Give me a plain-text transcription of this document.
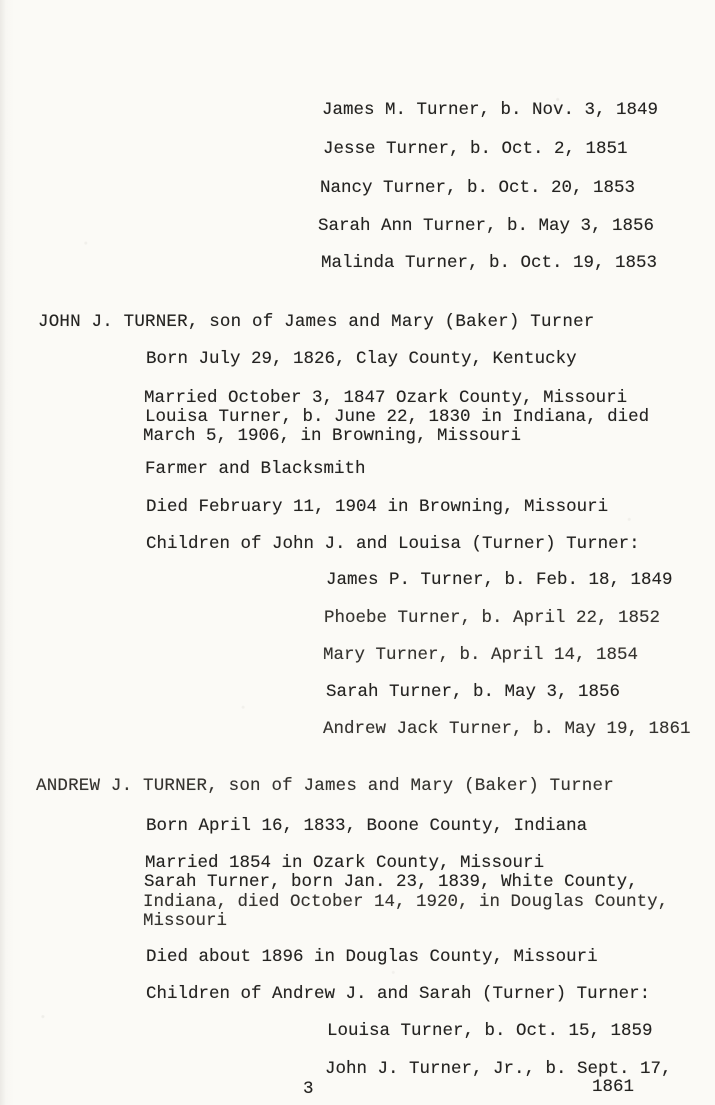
James M. Turner, b. Nov. 3, 1849
Jesse Turner, b. Oct. 2, 1851
Nancy Turner, b. Oct. 20, 1853
Sarah Ann Turner, b. May 3, 1856
Malinda Turner, b. Oct. 19, 1853
JOHN J. TURNER, son of James and Mary (Baker) Turner
Born July 29, 1826, Clay County, Kentucky
Married October 3, 1847 Ozark County, Missouri
Louisa Turner, b. June 22, 1830 in Indiana, died
March 5, 1906, in Browning, Missouri
Farmer and Blacksmith
Died February 11, 1904 in Browning, Missouri
Children of John J. and Louisa (Turner) Turner:
James P. Turner, b. Feb. 18, 1849
Phoebe Turner, b. April 22, 1852
Mary Turner, b. April 14, 1854
Sarah Turner, b. May 3, 1856
Andrew Jack Turner, b. May 19, 1861
ANDREW J. TURNER, son of James and Mary (Baker) Turner
Born April 16, 1833, Boone County, Indiana
Married 1854 in Ozark County, Missouri
Sarah Turner, born Jan. 23, 1839, White County,
Indiana, died October 14, 1920, in Douglas County,
Missouri
Died about 1896 in Douglas County, Missouri
Children of Andrew J. and Sarah (Turner) Turner:
Louisa Turner, b. Oct. 15, 1859
John J. Turner, Jr., b. Sept. 17,
1861
3
